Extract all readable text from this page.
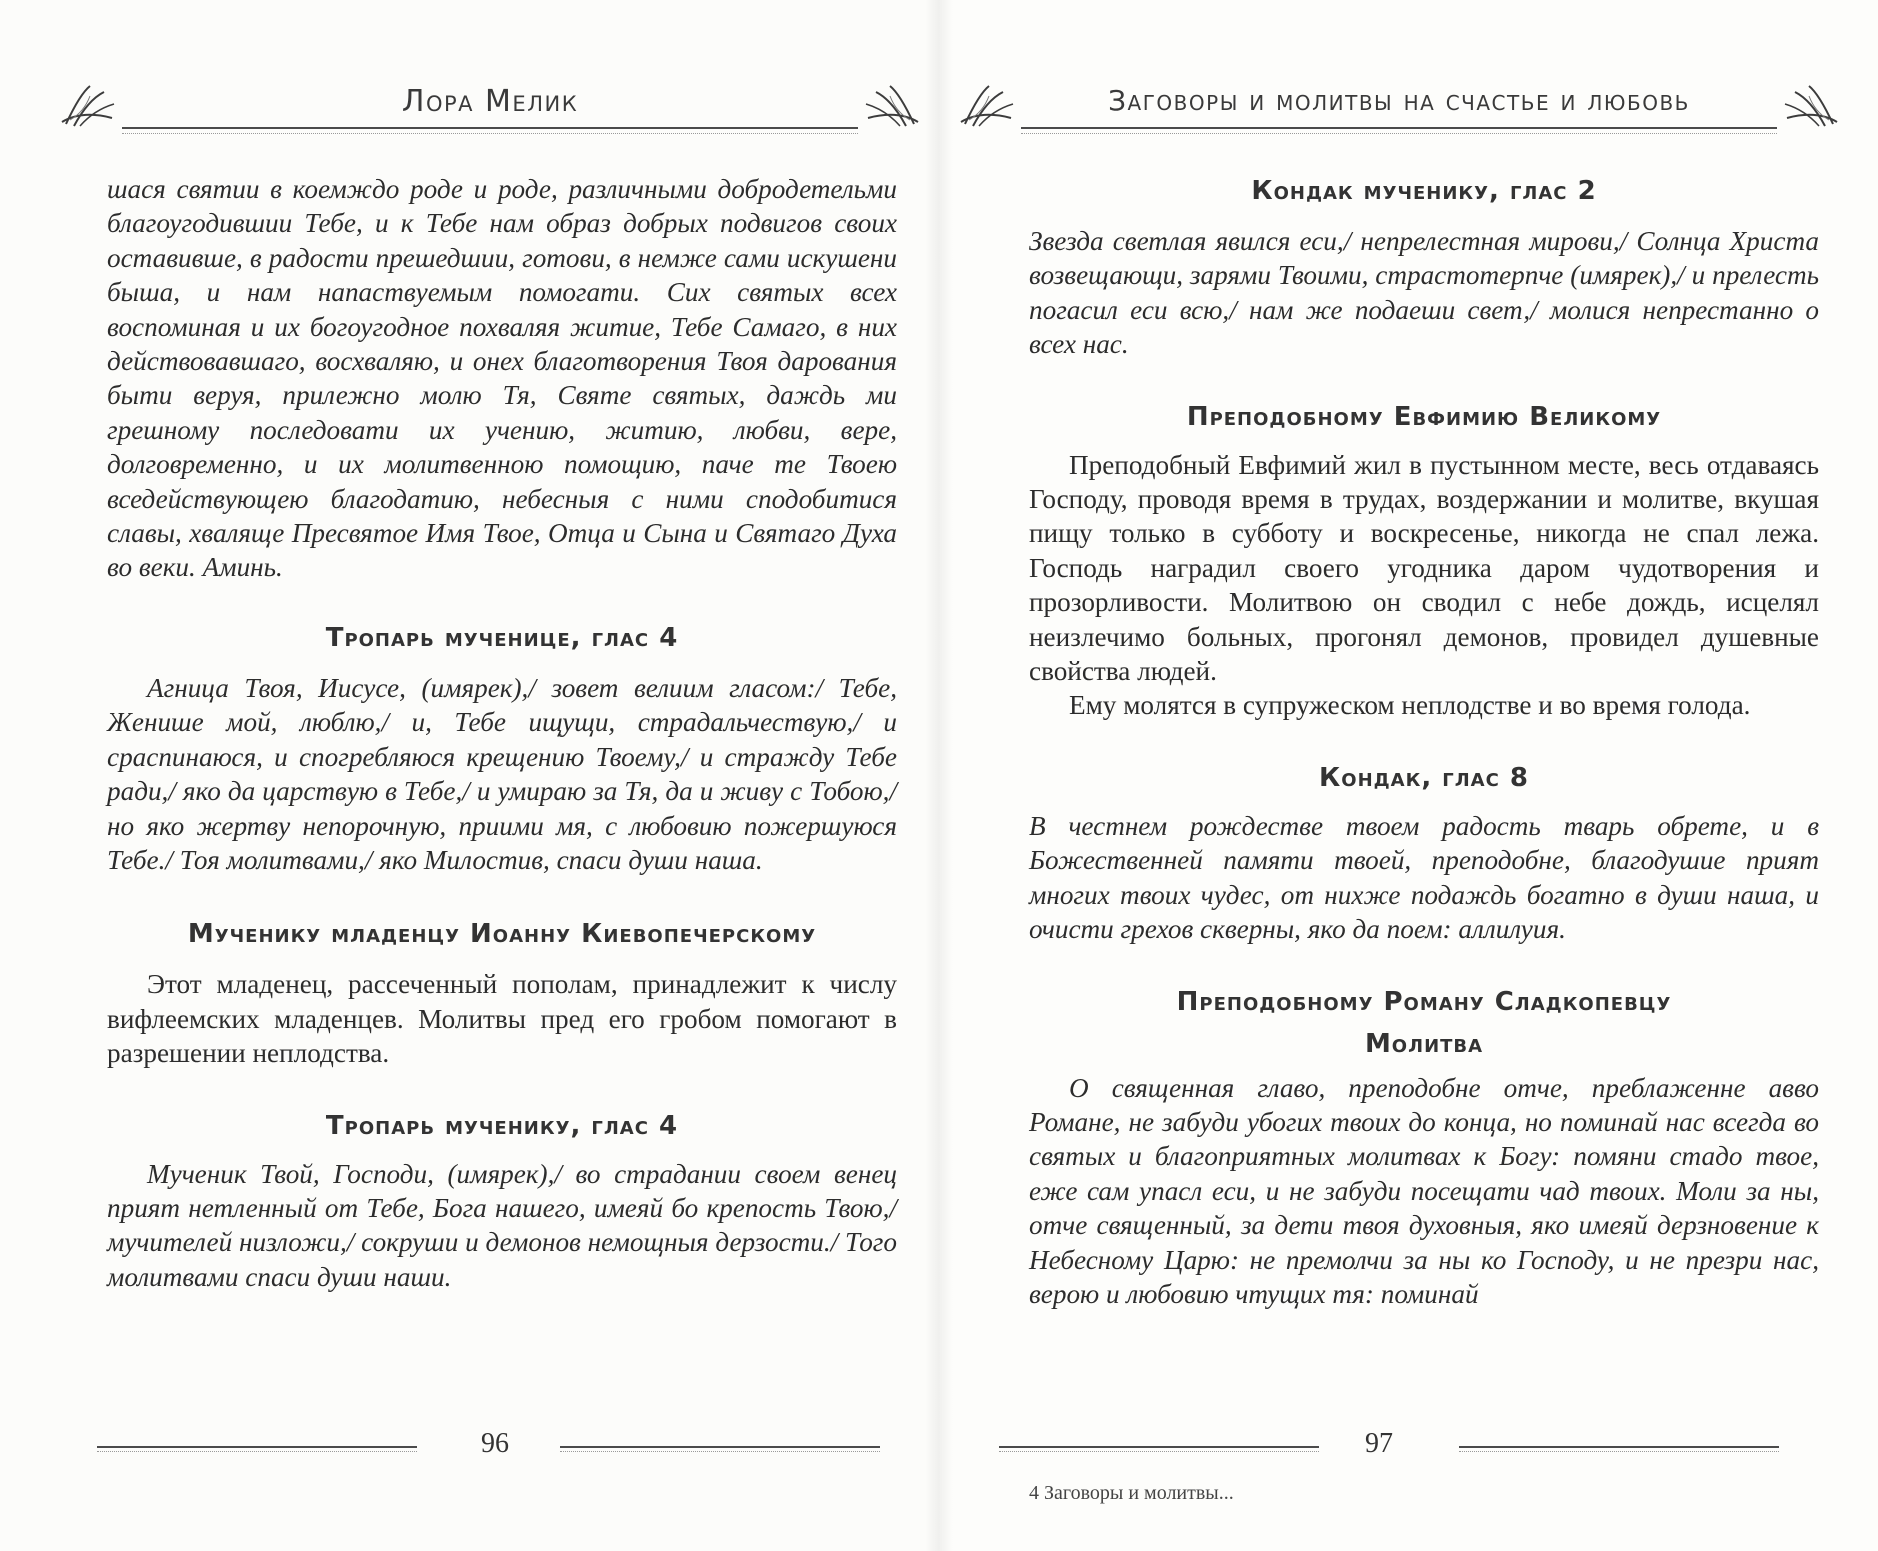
Лора Мелик

шася святии в коемждо роде и роде, различными добродетельми благоугодившии Тебе, и к Тебе нам образ добрых подвигов своих оставивше, в радости прешедшии, готови, в немже сами искушени быша, и нам напаствуемым помогати. Сих святых всех воспоминая и их богоугодное похваляя житие, Тебе Самаго, в них действовавшаго, восхваляю, и онех благотворения Твоя дарования быти веруя, прилежно молю Тя, Святе святых, даждь ми грешному последовати их учению, житию, любви, вере, долговременно, и их молитвенною помощию, паче те Твоею вседействующею благодатию, небесныя с ними сподобитися славы, хваляще Пресвятое Имя Твое, Отца и Сына и Святаго Духа во веки. Аминь.

Тропарь мученице, глас 4

Агница Твоя, Иисусе, (имярек),/ зовет велиим гласом:/ Тебе, Женише мой, люблю,/ и, Тебе ищущи, страдальчествую,/ и сраспинаюся, и спогребляюся крещению Твоему,/ и стражду Тебе ради,/ яко да царствую в Тебе,/ и умираю за Тя, да и живу с Тобою,/ но яко жертву непорочную, приими мя, с любовию пожершуюся Тебе./ Тоя молитвами,/ яко Милостив, спаси души наша.

Мученику младенцу Иоанну Киевопечерскому

Этот младенец, рассеченный пополам, принадлежит к числу вифлеемских младенцев. Молитвы пред его гробом помогают в разрешении неплодства.

Тропарь мученику, глас 4

Мученик Твой, Господи, (имярек),/ во страдании своем венец прият нетленный от Тебе, Бога нашего, имеяй бо крепость Твою,/ мучителей низложи,/ сокруши и демонов немощныя дерзости./ Того молитвами спаси души наши.

96
Заговоры и молитвы на счастье и любовь
Кондак мученику, глас 2

Звезда светлая явился еси,/ непрелестная мирови,/ Солнца Христа возвещающи, зарями Твоими, страстотерпче (имярек),/ и прелесть погасил еси всю,/ нам же подаеши свет,/ молися непрестанно о всех нас.

Преподобному Евфимию Великому

Преподобный Евфимий жил в пустынном месте, весь отдаваясь Господу, проводя время в трудах, воздержании и молитве, вкушая пищу только в субботу и воскресенье, никогда не спал лежа. Господь наградил своего угодника даром чудотворения и прозорливости. Молитвою он сводил с небе дождь, исцелял неизлечимо больных, прогонял демонов, провидел душевные свойства людей.

Ему молятся в супружеском неплодстве и во время голода.

Кондак, глас 8

В честнем рождестве твоем радость тварь обрете, и в Божественней памяти твоей, преподобне, благодушие прият многих твоих чудес, от нихже подаждь богатно в души наша, и очисти грехов скверны, яко да поем: аллилуия.

Преподобному Роману Сладкопевцу
Молитва

О священная главо, преподобне отче, преблаженне авво Романе, не забуди убогих твоих до конца, но поминай нас всегда во святых и благоприятных молитвах к Богу: помяни стадо твое, еже сам упасл еси, и не забуди посещати чад твоих. Моли за ны, отче священный, за дети твоя духовныя, яко имеяй дерзновение к Небесному Царю: не премолчи за ны ко Господу, и не презри нас, верою и любовию чтущих тя: поминай

97
4 Заговоры и молитвы...
